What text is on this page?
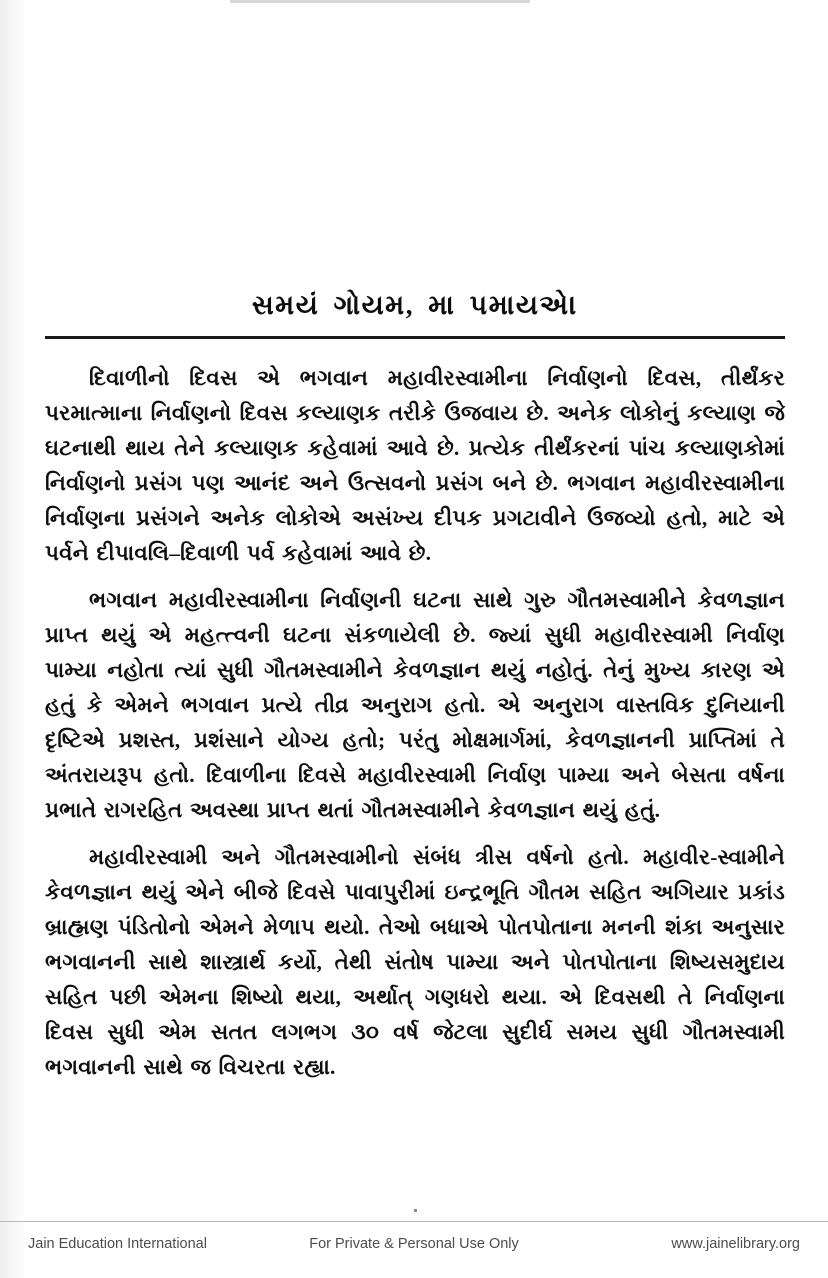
સમયં ગોયમ, મા પમાયએ।

દિવાળીનો દિવસ એ ભગવાન મહાવીરસ્વામીના નિર્વાણનો દિવસ, તીર્થંકર પરમાત્માના નિર્વાણનો દિવસ કલ્યાણક તરીકે ઉજવાય છે. અનેક લોકોનું કલ્યાણ જે ઘટનાથી થાય તેને કલ્યાણક કહેવામાં આવે છે. પ્રત્યેક તીર્થંકરનાં પાંચ કલ્યાણકોમાં નિર્વાણનો પ્રસંગ પણ આનંદ અને ઉત્સવનો પ્રસંગ બને છે. ભગવાન મહાવીરસ્વામીના નિર્વાણના પ્રસંગને અનેક લોકોએ અસંખ્ય દીપક પ્રગટાવીને ઉજવ્યો હતો, માટે એ પર્વને દીપાવલિ–દિવાળી પર્વ કહેવામાં આવે છે.

ભગવાન મહાવીરસ્વામીના નિર્વાણની ઘટના સાથે ગુરુ ગૌતમસ્વામીને કેવળજ્ઞાન પ્રાપ્ત થયું એ મહત્ત્વની ઘટના સંકળાયેલી છે. જ્યાં સુધી મહાવીરસ્વામી નિર્વાણ પામ્યા નહોતા ત્યાં સુધી ગૌતમસ્વામીને કેવળજ્ઞાન થયું નહોતું. તેનું મુખ્ય કારણ એ હતું કે એમને ભગવાન પ્રત્યે તીવ્ર અનુરાગ હતો. એ અનુરાગ વાસ્તવિક દુનિયાની દૃષ્ટિએ પ્રશસ્ત, પ્રશંસાને યોગ્ય હતો; પરંતુ મોક્ષમાર્ગમાં, કેવળજ્ઞાનની પ્રાપ્તિમાં તે અંતરાયરૂપ હતો. દિવાળીના દિવસે મહાવીરસ્વામી નિર્વાણ પામ્યા અને બેસતા વર્ષના પ્રભાતે રાગરહિત અવસ્થા પ્રાપ્ત થતાં ગૌતમસ્વામીને કેવળજ્ઞાન થયું હતું.

મહાવીરસ્વામી અને ગૌતમસ્વામીનો સંબંધ ત્રીસ વર્ષનો હતો. મહાવીર-સ્વામીને કેવળજ્ઞાન થયું એને બીજે દિવસે પાવાપુરીમાં ઇન્દ્રભૂતિ ગૌતમ સહિત અગિયાર પ્રકાંડ બ્રાહ્મણ પંડિતોનો એમને મેળાપ થયો. તેઓ બધાએ પોતપોતાના મનની શંકા અનુસાર ભગવાનની સાથે શાસ્ત્રાર્થ કર્યો, તેથી સંતોષ પામ્યા અને પોતપોતાના શિષ્યસમુદાય સહિત પછી એમના શિષ્યો થયા, અર્થાત્ ગણધરો થયા. એ દિવસથી તે નિર્વાણના દિવસ સુધી એમ સતત લગભગ ૩૦ વર્ષ જેટલા સુદીર્ઘ સમય સુધી ગૌતમસ્વામી ભગવાનની સાથે જ વિચરતા રહ્યા.

Jain Education International	For Private & Personal Use Only	www.jainelibrary.org
